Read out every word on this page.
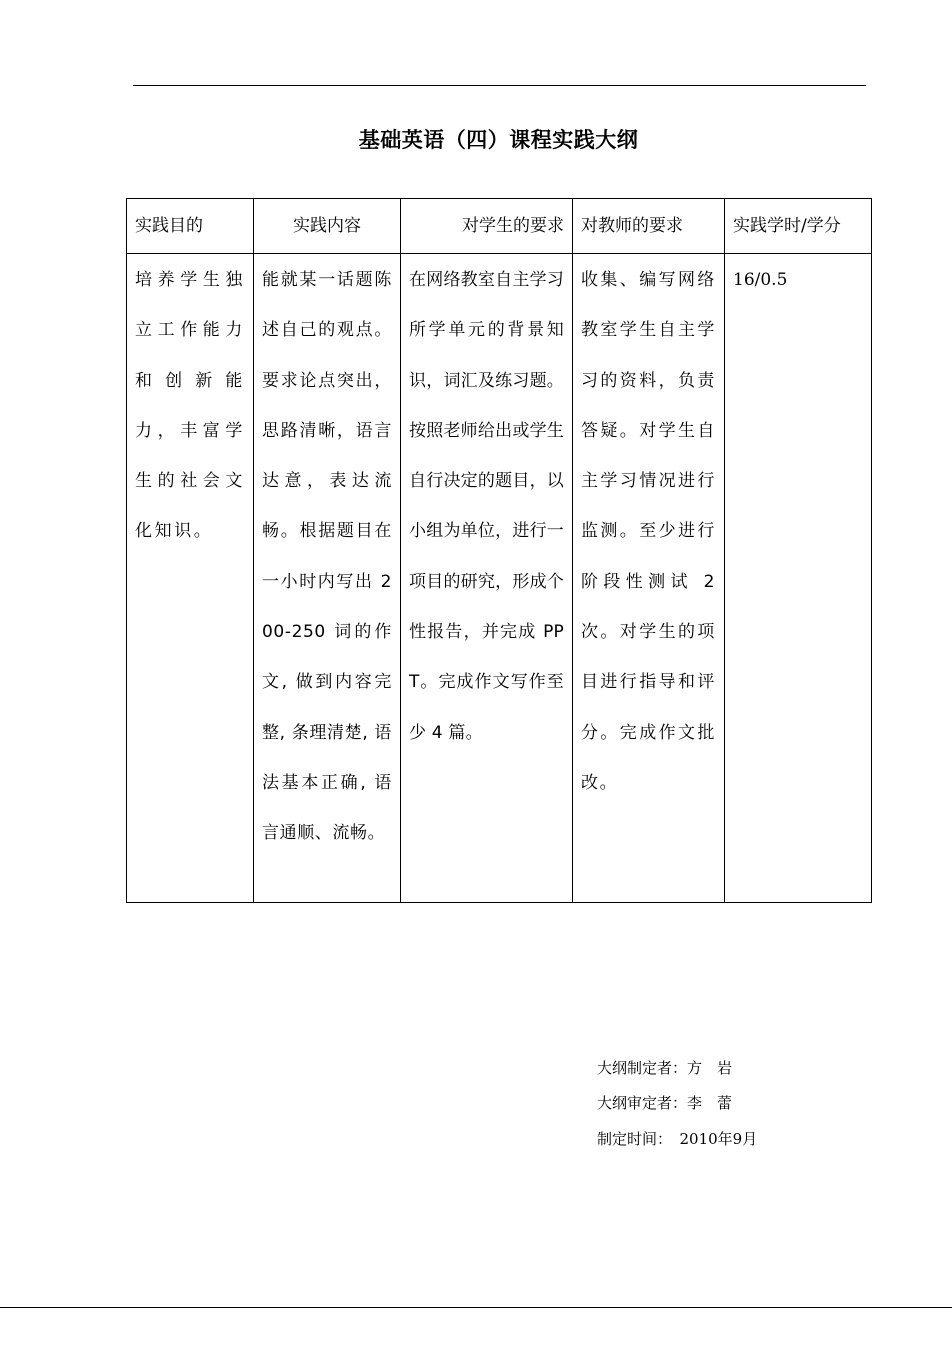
基础英语（四）课程实践大纲
实践目的	实践内容	对学生的要求	对教师的要求	实践学时/学分
培养学生独立工作能力和创新能力，丰富学生的社会文化知识。	能就某一话题陈述自己的观点。要求论点突出，思路清晰，语言达意，表达流畅。根据题目在一小时内写出 200-250 词的作文, 做到内容完整, 条理清楚, 语法基本正确, 语言通顺、流畅。	在网络教室自主学习所学单元的背景知识，词汇及练习题。按照老师给出或学生自行决定的题目，以小组为单位，进行一项目的研究，形成个性报告，并完成 PPT。完成作文写作至少 4 篇。	收集、编写网络教室学生自主学习的资料，负责答疑。对学生自主学习情况进行监测。至少进行阶段性测试 2 次。对学生的项目进行指导和评分。完成作文批改。	16/0.5
大纲制定者：方　岩
大纲审定者：李　蕾
制定时间：　2010年9月
